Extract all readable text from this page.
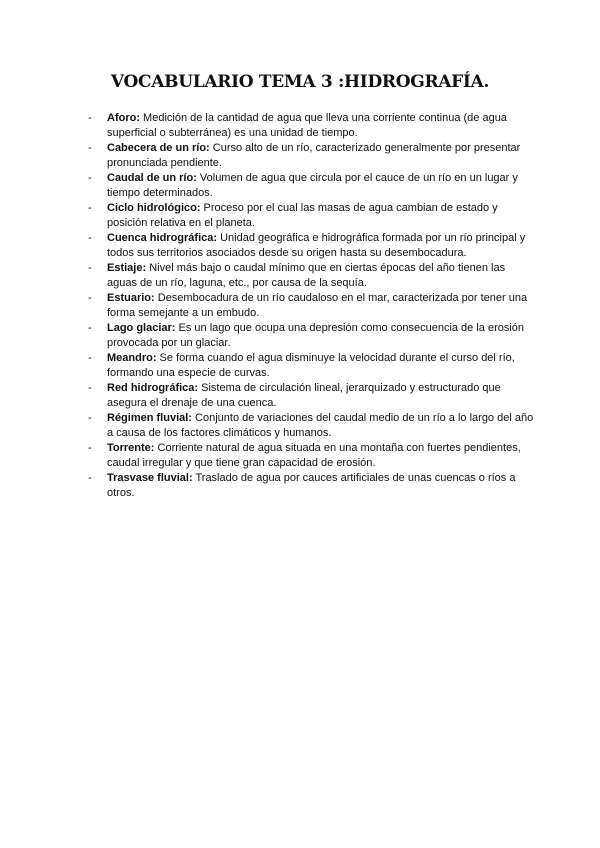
VOCABULARIO TEMA 3 :HIDROGRAFÍA.
- Aforo: Medición de la cantidad de agua que lleva una corriente continua (de agua superficial o subterránea) es una unidad de tiempo.
- Cabecera de un río: Curso alto de un río, caracterizado generalmente por presentar pronunciada pendiente.
- Caudal de un río: Volumen de agua que circula por el cauce de un río en un lugar y tiempo determinados.
- Ciclo hidrológico: Proceso por el cual las masas de agua cambian de estado y posición relativa en el planeta.
- Cuenca hidrográfica: Unidad geográfica e hidrográfica formada por un río principal y todos sus territorios asociados desde su origen hasta su desembocadura.
- Estiaje: Nivel más bajo o caudal mínimo que en ciertas épocas del año tienen las aguas de un río, laguna, etc., por causa de la sequía.
- Estuario: Desembocadura de un río caudaloso en el mar, caracterizada por tener una forma semejante a un embudo.
- Lago glaciar: Es un lago que ocupa una depresión como consecuencia de la erosión provocada por un glaciar.
- Meandro: Se forma cuando el agua disminuye la velocidad durante el curso del río, formando una especie de curvas.
- Red hidrográfica: Sistema de circulación lineal, jerarquizado y estructurado que asegura el drenaje de una cuenca.
- Régimen fluvial: Conjunto de variaciones del caudal medio de un río a lo largo del año a causa de los factores climáticos y humanos.
- Torrente: Corriente natural de agua situada en una montaña con fuertes pendientes, caudal irregular y que tiene gran capacidad de erosión.
- Trasvase fluvial: Traslado de agua por cauces artificiales de unas cuencas o ríos a otros.
